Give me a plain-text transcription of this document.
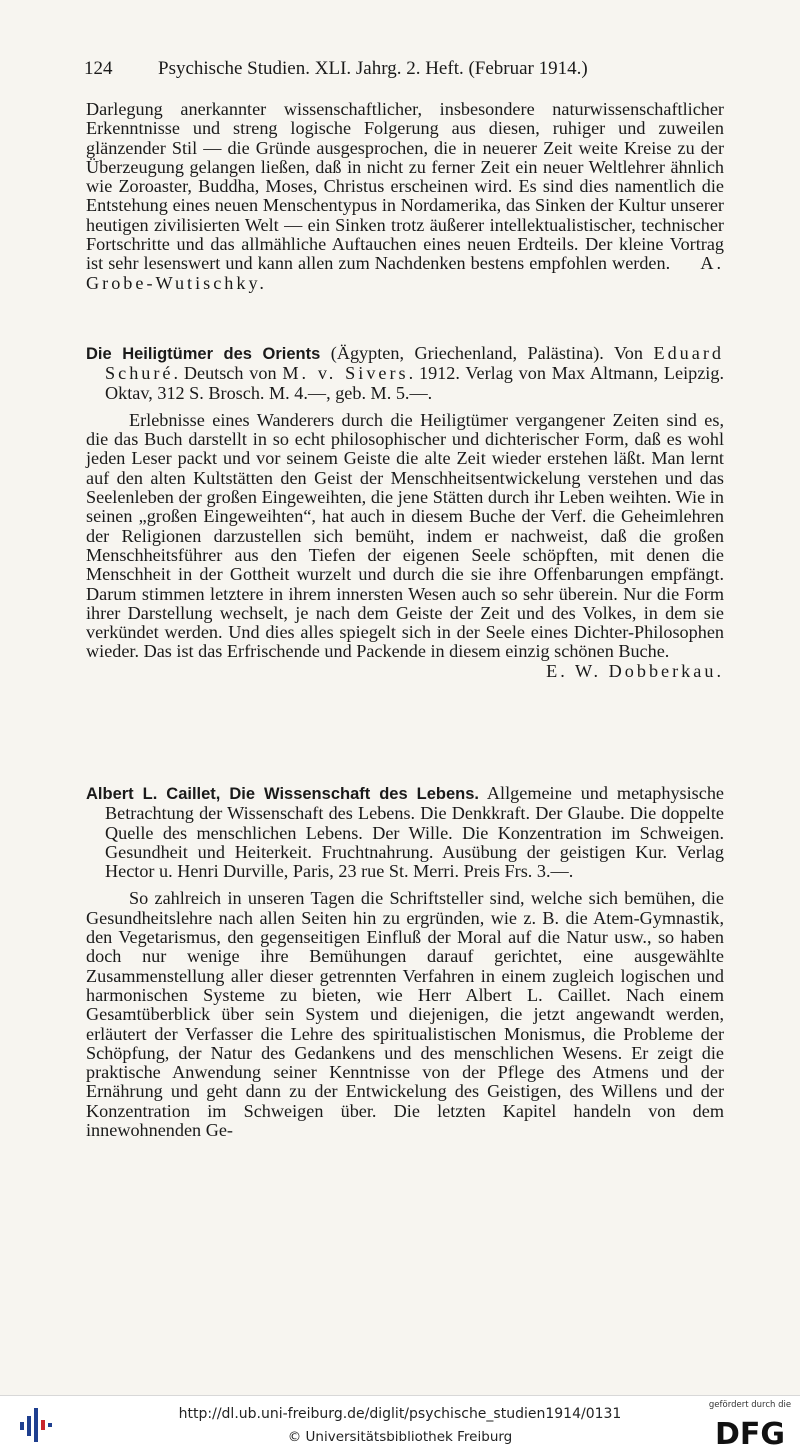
124 Psychische Studien. XLI. Jahrg. 2. Heft. (Februar 1914.)
Darlegung anerkannter wissenschaftlicher, insbesondere naturwissenschaftlicher Erkenntnisse und streng logische Folgerung aus diesen, ruhiger und zuweilen glänzender Stil — die Gründe ausgesprochen, die in neuerer Zeit weite Kreise zu der Überzeugung gelangen ließen, daß in nicht zu ferner Zeit ein neuer Weltlehrer ähnlich wie Zoroaster, Buddha, Moses, Christus erscheinen wird. Es sind dies namentlich die Entstehung eines neuen Menschentypus in Nordamerika, das Sinken der Kultur unserer heutigen zivilisierten Welt — ein Sinken trotz äußerer intellektualistischer, technischer Fortschritte und das allmähliche Auftauchen eines neuen Erdteils. Der kleine Vortrag ist sehr lesenswert und kann allen zum Nachdenken bestens empfohlen werden. A. Grobe-Wutischky.
Die Heiligtümer des Orients (Ägypten, Griechenland, Palästina). Von Eduard Schuré. Deutsch von M. v. Sivers. 1912. Verlag von Max Altmann, Leipzig. Oktav, 312 S. Brosch. M. 4.—, geb. M. 5.—.
Erlebnisse eines Wanderers durch die Heiligtümer vergangener Zeiten sind es, die das Buch darstellt in so echt philosophischer und dichterischer Form, daß es wohl jeden Leser packt und vor seinem Geiste die alte Zeit wieder erstehen läßt. Man lernt auf den alten Kultstätten den Geist der Menschheitsentwickelung verstehen und das Seelenleben der großen Eingeweihten, die jene Stätten durch ihr Leben weihten. Wie in seinen „großen Eingeweihten“, hat auch in diesem Buche der Verf. die Geheimlehren der Religionen darzustellen sich bemüht, indem er nachweist, daß die großen Menschheitsführer aus den Tiefen der eigenen Seele schöpften, mit denen die Menschheit in der Gottheit wurzelt und durch die sie ihre Offenbarungen empfängt. Darum stimmen letztere in ihrem innersten Wesen auch so sehr überein. Nur die Form ihrer Darstellung wechselt, je nach dem Geiste der Zeit und des Volkes, in dem sie verkündet werden. Und dies alles spiegelt sich in der Seele eines Dichter-Philosophen wieder. Das ist das Erfrischende und Packende in diesem einzig schönen Buche.
E. W. Dobberkau.
Albert L. Caillet, Die Wissenschaft des Lebens. Allgemeine und metaphysische Betrachtung der Wissenschaft des Lebens. Die Denkkraft. Der Glaube. Die doppelte Quelle des menschlichen Lebens. Der Wille. Die Konzentration im Schweigen. Gesundheit und Heiterkeit. Fruchtnahrung. Ausübung der geistigen Kur. Verlag Hector u. Henri Durville, Paris, 23 rue St. Merri. Preis Frs. 3.—.
So zahlreich in unseren Tagen die Schriftsteller sind, welche sich bemühen, die Gesundheitslehre nach allen Seiten hin zu ergründen, wie z. B. die Atem-Gymnastik, den Vegetarismus, den gegenseitigen Einfluß der Moral auf die Natur usw., so haben doch nur wenige ihre Bemühungen darauf gerichtet, eine ausgewählte Zusammenstellung aller dieser getrennten Verfahren in einem zugleich logischen und harmonischen Systeme zu bieten, wie Herr Albert L. Caillet. Nach einem Gesamtüberblick über sein System und diejenigen, die jetzt angewandt werden, erläutert der Verfasser die Lehre des spiritualistischen Monismus, die Probleme der Schöpfung, der Natur des Gedankens und des menschlichen Wesens. Er zeigt die praktische Anwendung seiner Kenntnisse von der Pflege des Atmens und der Ernährung und geht dann zu der Entwickelung des Geistigen, des Willens und der Konzentration im Schweigen über. Die letzten Kapitel handeln von dem innewohnenden Ge-
http://dl.ub.uni-freiburg.de/diglit/psychische_studien1914/0131
© Universitätsbibliothek Freiburg
gefördert durch die
DFG
